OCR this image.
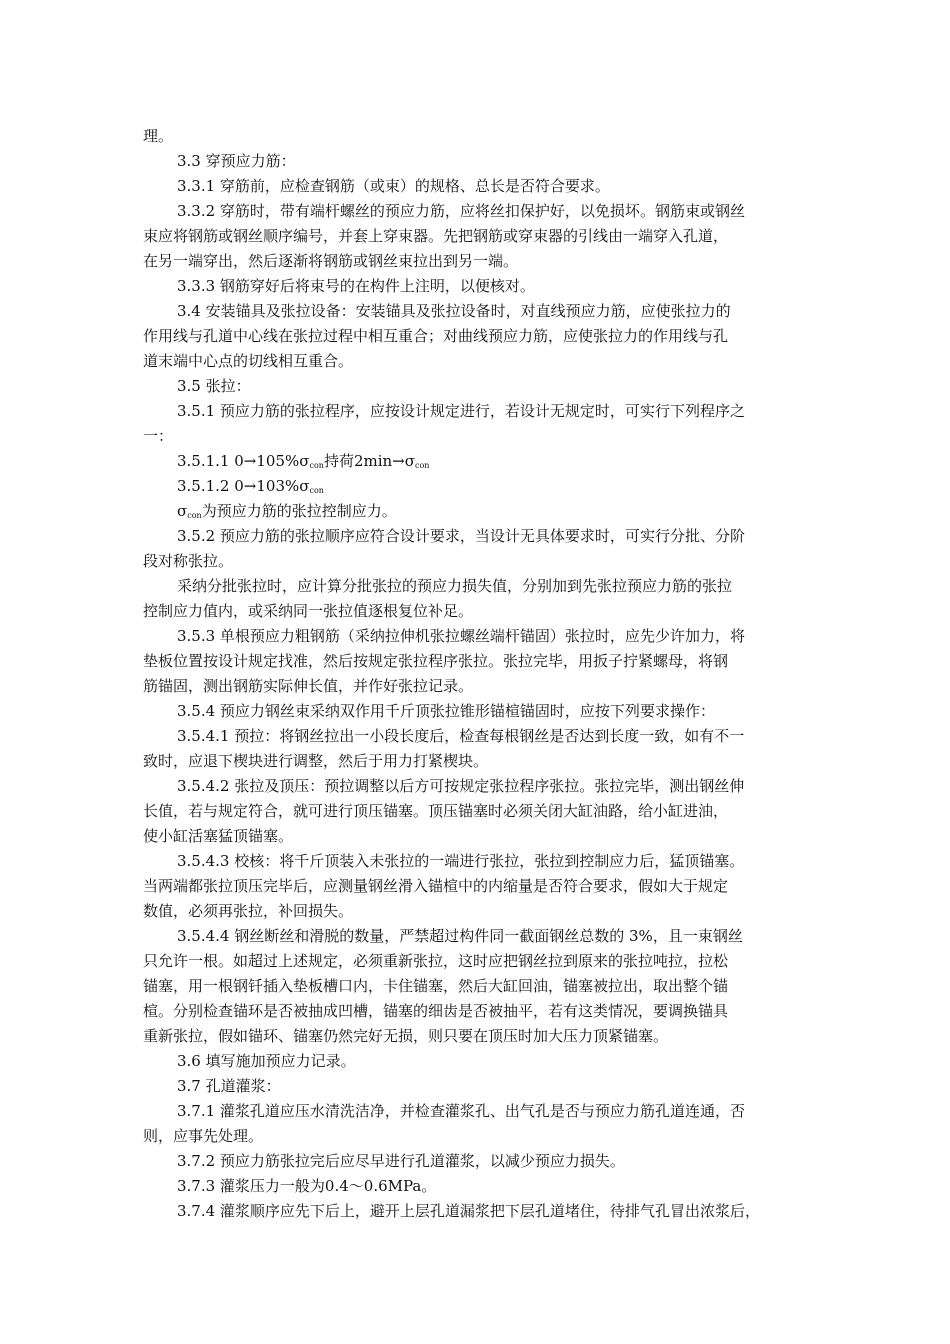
理。
3.3 穿预应力筋：
3.3.1 穿筋前，应检查钢筋（或束）的规格、总长是否符合要求。
3.3.2 穿筋时，带有端杆螺丝的预应力筋，应将丝扣保护好，以免损坏。钢筋束或钢丝
束应将钢筋或钢丝顺序编号，并套上穿束器。先把钢筋或穿束器的引线由一端穿入孔道，
在另一端穿出，然后逐渐将钢筋或钢丝束拉出到另一端。
3.3.3 钢筋穿好后将束号的在构件上注明，以便核对。
3.4 安装锚具及张拉设备：安装锚具及张拉设备时，对直线预应力筋，应使张拉力的
作用线与孔道中心线在张拉过程中相互重合；对曲线预应力筋，应使张拉力的作用线与孔
道末端中心点的切线相互重合。
3.5 张拉：
3.5.1 预应力筋的张拉程序，应按设计规定进行，若设计无规定时，可实行下列程序之
一：
3.5.1.1 $0\to 105\%\sigma_{con}$持荷$2\min\to\sigma_{con}$
3.5.1.2 $0\to 103\%\sigma_{con}$
$\sigma_{con}$为预应力筋的张拉控制应力。
3.5.2 预应力筋的张拉顺序应符合设计要求，当设计无具体要求时，可实行分批、分阶
段对称张拉。
采纳分批张拉时，应计算分批张拉的预应力损失值，分别加到先张拉预应力筋的张拉
控制应力值内，或采纳同一张拉值逐根复位补足。
3.5.3 单根预应力粗钢筋（采纳拉伸机张拉螺丝端杆锚固）张拉时，应先少许加力，将
垫板位置按设计规定找准，然后按规定张拉程序张拉。张拉完毕，用扳子拧紧螺母，将钢
筋锚固，测出钢筋实际伸长值，并作好张拉记录。
3.5.4 预应力钢丝束采纳双作用千斤顶张拉锥形锚楦锚固时，应按下列要求操作：
3.5.4.1 预拉：将钢丝拉出一小段长度后，检查每根钢丝是否达到长度一致，如有不一
致时，应退下楔块进行调整，然后于用力打紧楔块。
3.5.4.2 张拉及顶压：预拉调整以后方可按规定张拉程序张拉。张拉完毕，测出钢丝伸
长值，若与规定符合，就可进行顶压锚塞。顶压锚塞时必须关闭大缸油路，给小缸进油，
使小缸活塞猛顶锚塞。
3.5.4.3 校核：将千斤顶装入未张拉的一端进行张拉，张拉到控制应力后，猛顶锚塞。
当两端都张拉顶压完毕后，应测量钢丝滑入锚楦中的内缩量是否符合要求，假如大于规定
数值，必须再张拉，补回损失。
3.5.4.4 钢丝断丝和滑脱的数量，严禁超过构件同一截面钢丝总数的 3%，且一束钢丝
只允许一根。如超过上述规定，必须重新张拉，这时应把钢丝拉到原来的张拉吨拉，拉松
锚塞，用一根钢钎插入垫板槽口内，卡住锚塞，然后大缸回油，锚塞被拉出，取出整个锚
楦。分别检查锚环是否被抽成凹槽，锚塞的细齿是否被抽平，若有这类情况，要调换锚具
重新张拉，假如锚环、锚塞仍然完好无损，则只要在顶压时加大压力顶紧锚塞。
3.6 填写施加预应力记录。
3.7 孔道灌浆：
3.7.1 灌浆孔道应压水清洗洁净，并检查灌浆孔、出气孔是否与预应力筋孔道连通，否
则，应事先处理。
3.7.2 预应力筋张拉完后应尽早进行孔道灌浆，以减少预应力损失。
3.7.3 灌浆压力一般为0.4～0.6MPa。
3.7.4 灌浆顺序应先下后上，避开上层孔道漏浆把下层孔道堵住，待排气孔冒出浓浆后，
